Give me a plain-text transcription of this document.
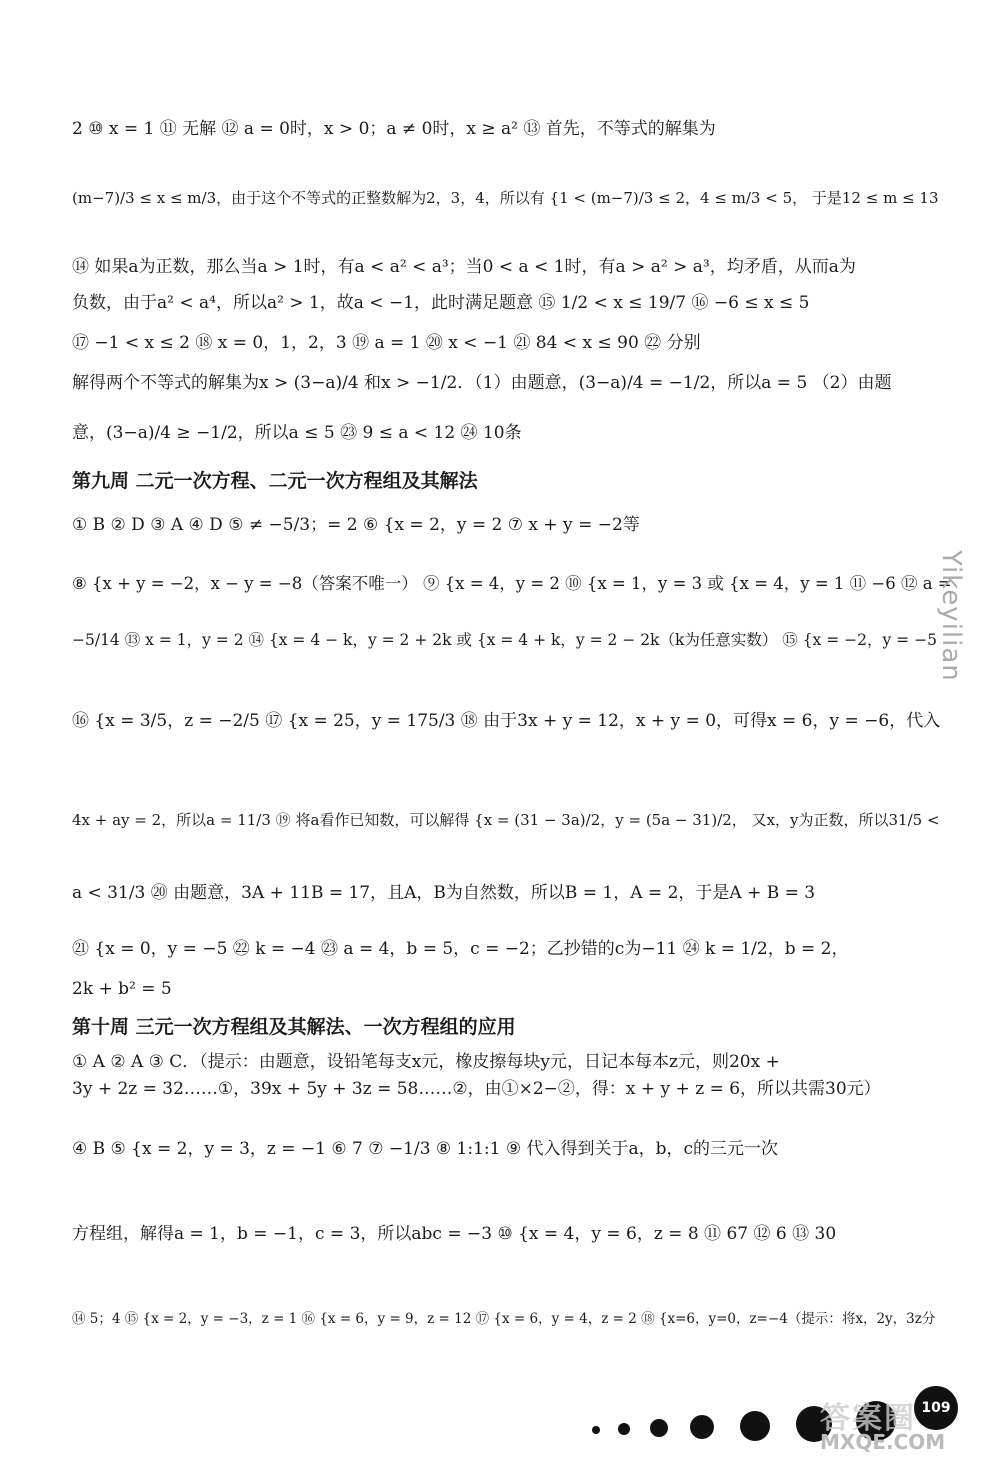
2 ⑩ x = 1 ⑪ 无解 ⑫ a = 0时，x > 0；a ≠ 0时，x ≥ a² ⑬ 首先，不等式的解集为
(m−7)/3 ≤ x ≤ m/3，由于这个不等式的正整数解为2，3，4，所以有 {1 < (m−7)/3 ≤ 2，4 ≤ m/3 < 5， 于是12 ≤ m ≤ 13
⑭ 如果a为正数，那么当a > 1时，有a < a² < a³；当0 < a < 1时，有a > a² > a³，均矛盾，从而a为
负数，由于a² < a⁴，所以a² > 1，故a < −1，此时满足题意 ⑮ 1/2 < x ≤ 19/7 ⑯ −6 ≤ x ≤ 5
⑰ −1 < x ≤ 2 ⑱ x = 0，1，2，3 ⑲ a = 1 ⑳ x < −1 ㉑ 84 < x ≤ 90 ㉒ 分别
解得两个不等式的解集为x > (3−a)/4 和x > −1/2．（1）由题意，(3−a)/4 = −1/2，所以a = 5 （2）由题
意，(3−a)/4 ≥ −1/2，所以a ≤ 5 ㉓ 9 ≤ a < 12 ㉔ 10条
第九周 二元一次方程、二元一次方程组及其解法
① B ② D ③ A ④ D ⑤ ≠ −5/3；= 2 ⑥ {x = 2，y = 2 ⑦ x + y = −2等
⑧ {x + y = −2，x − y = −8（答案不唯一） ⑨ {x = 4，y = 2 ⑩ {x = 1，y = 3 或 {x = 4，y = 1 ⑪ −6 ⑫ a =
−5/14 ⑬ x = 1，y = 2 ⑭ {x = 4 − k，y = 2 + 2k 或 {x = 4 + k，y = 2 − 2k（k为任意实数） ⑮ {x = −2，y = −5
⑯ {x = 3/5，z = −2/5 ⑰ {x = 25，y = 175/3 ⑱ 由于3x + y = 12，x + y = 0，可得x = 6，y = −6，代入
4x + ay = 2，所以a = 11/3 ⑲ 将a看作已知数，可以解得 {x = (31 − 3a)/2，y = (5a − 31)/2， 又x，y为正数，所以31/5 <
a < 31/3 ⑳ 由题意，3A + 11B = 17，且A，B为自然数，所以B = 1，A = 2，于是A + B = 3
㉑ {x = 0，y = −5 ㉒ k = −4 ㉓ a = 4，b = 5，c = −2；乙抄错的c为−11 ㉔ k = 1/2，b = 2，
2k + b² = 5
第十周 三元一次方程组及其解法、一次方程组的应用
① A ② A ③ C．（提示：由题意，设铅笔每支x元，橡皮擦每块y元，日记本每本z元，则20x +
3y + 2z = 32……①，39x + 5y + 3z = 58……②，由①×2−②，得：x + y + z = 6，所以共需30元）
④ B ⑤ {x = 2，y = 3，z = −1 ⑥ 7 ⑦ −1/3 ⑧ 1:1:1 ⑨ 代入得到关于a，b，c的三元一次
方程组，解得a = 1，b = −1，c = 3，所以abc = −3 ⑩ {x = 4，y = 6，z = 8 ⑪ 67 ⑫ 6 ⑬ 30
⑭ 5；4 ⑮ {x = 2，y = −3，z = 1 ⑯ {x = 6，y = 9，z = 12 ⑰ {x = 6，y = 4，z = 2 ⑱ {x=6，y=0，z=−4（提示：将x，2y，3z分
Yikeyilian
109
答案圈
MXQE.COM
